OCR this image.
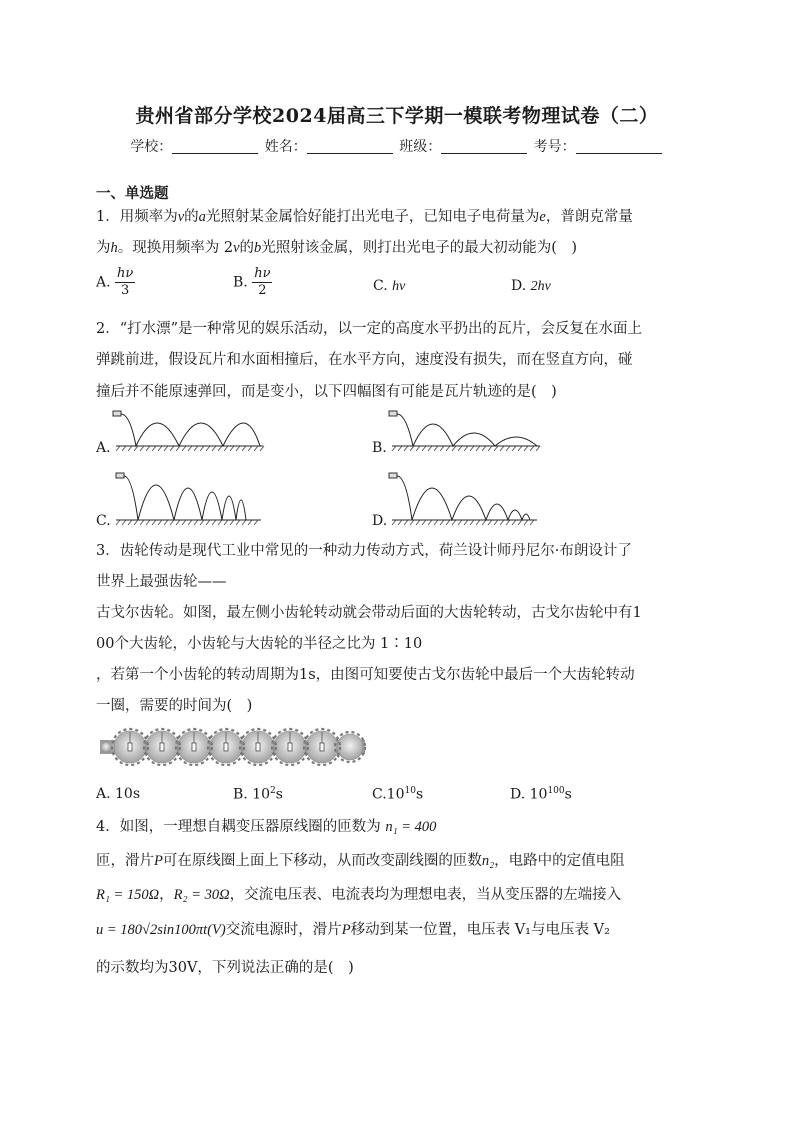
贵州省部分学校2024届高三下学期一模联考物理试卷（二）
学校：	姓名：	班级：	考号：
一、单选题
1．用频率为ν的a光照射某金属恰好能打出光电子，已知电子电荷量为e，普朗克常量
为h。现换用频率为 2ν的b光照射该金属，则打出光电子的最大初动能为(　)
A. $\frac{h\nu}{3}$	B. $\frac{h\nu}{2}$	C. hν	D. 2hν
2．“打水漂”是一种常见的娱乐活动，以一定的高度水平扔出的瓦片，会反复在水面上
弹跳前进，假设瓦片和水面相撞后，在水平方向，速度没有损失，而在竖直方向，碰
撞后并不能原速弹回，而是变小，以下四幅图有可能是瓦片轨迹的是(　)
A.	B.
C.	D.
3．齿轮传动是现代工业中常见的一种动力传动方式，荷兰设计师丹尼尔·布朗设计了
世界上最强齿轮——
古戈尔齿轮。如图，最左侧小齿轮转动就会带动后面的大齿轮转动，古戈尔齿轮中有1
00个大齿轮，小齿轮与大齿轮的半径之比为 1∶10
，若第一个小齿轮的转动周期为1s，由图可知要使古戈尔齿轮中最后一个大齿轮转动
一圈，需要的时间为(　)
A. 10s	B. $10^2s$	$C.10^{10}s$	D. $10^{100}s$
4．如图，一理想自耦变压器原线圈的匝数为 n₁ = 400
匝，滑片P可在原线圈上面上下移动，从而改变副线圈的匝数n₂，电路中的定值电阻
R₁ = 150Ω，R₂ = 30Ω，交流电压表、电流表均为理想电表，当从变压器的左端接入
u = 180√2sin100πt(V)交流电源时，滑片P移动到某一位置，电压表 V₁与电压表 V₂
的示数均为30V，下列说法正确的是(　)
